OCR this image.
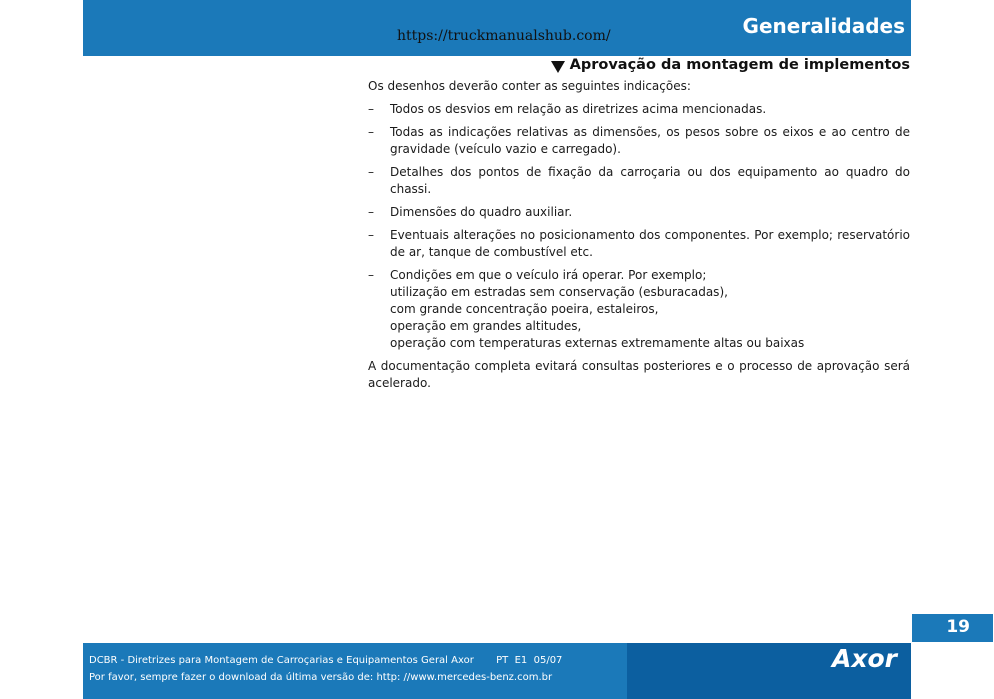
Generalidades
https://truckmanualshub.com/
Aprovação da montagem de implementos

Os desenhos deverão conter as seguintes indicações:

– Todos os desvios em relação as diretrizes acima mencionadas.
– Todas as indicações relativas as dimensões, os pesos sobre os eixos e ao centro de gravidade (veículo vazio e carregado).
– Detalhes dos pontos de fixação da carroçaria ou dos equipamento ao quadro do chassi.
– Dimensões do quadro auxiliar.
– Eventuais alterações no posicionamento dos componentes. Por exemplo; reservatório de ar, tanque de combustível etc.
– Condições em que o veículo irá operar. Por exemplo;
utilização em estradas sem conservação (esburacadas),
com grande concentração poeira, estaleiros,
operação em grandes altitudes,
operação com temperaturas externas extremamente altas ou baixas

A documentação completa evitará consultas posteriores e o processo de aprovação será acelerado.

19
DCBR - Diretrizes para Montagem de Carroçarias e Equipamentos Geral Axor       PT  E1  05/07
Por favor, sempre fazer o download da última versão de: http: //www.mercedes-benz.com.br
Axor
